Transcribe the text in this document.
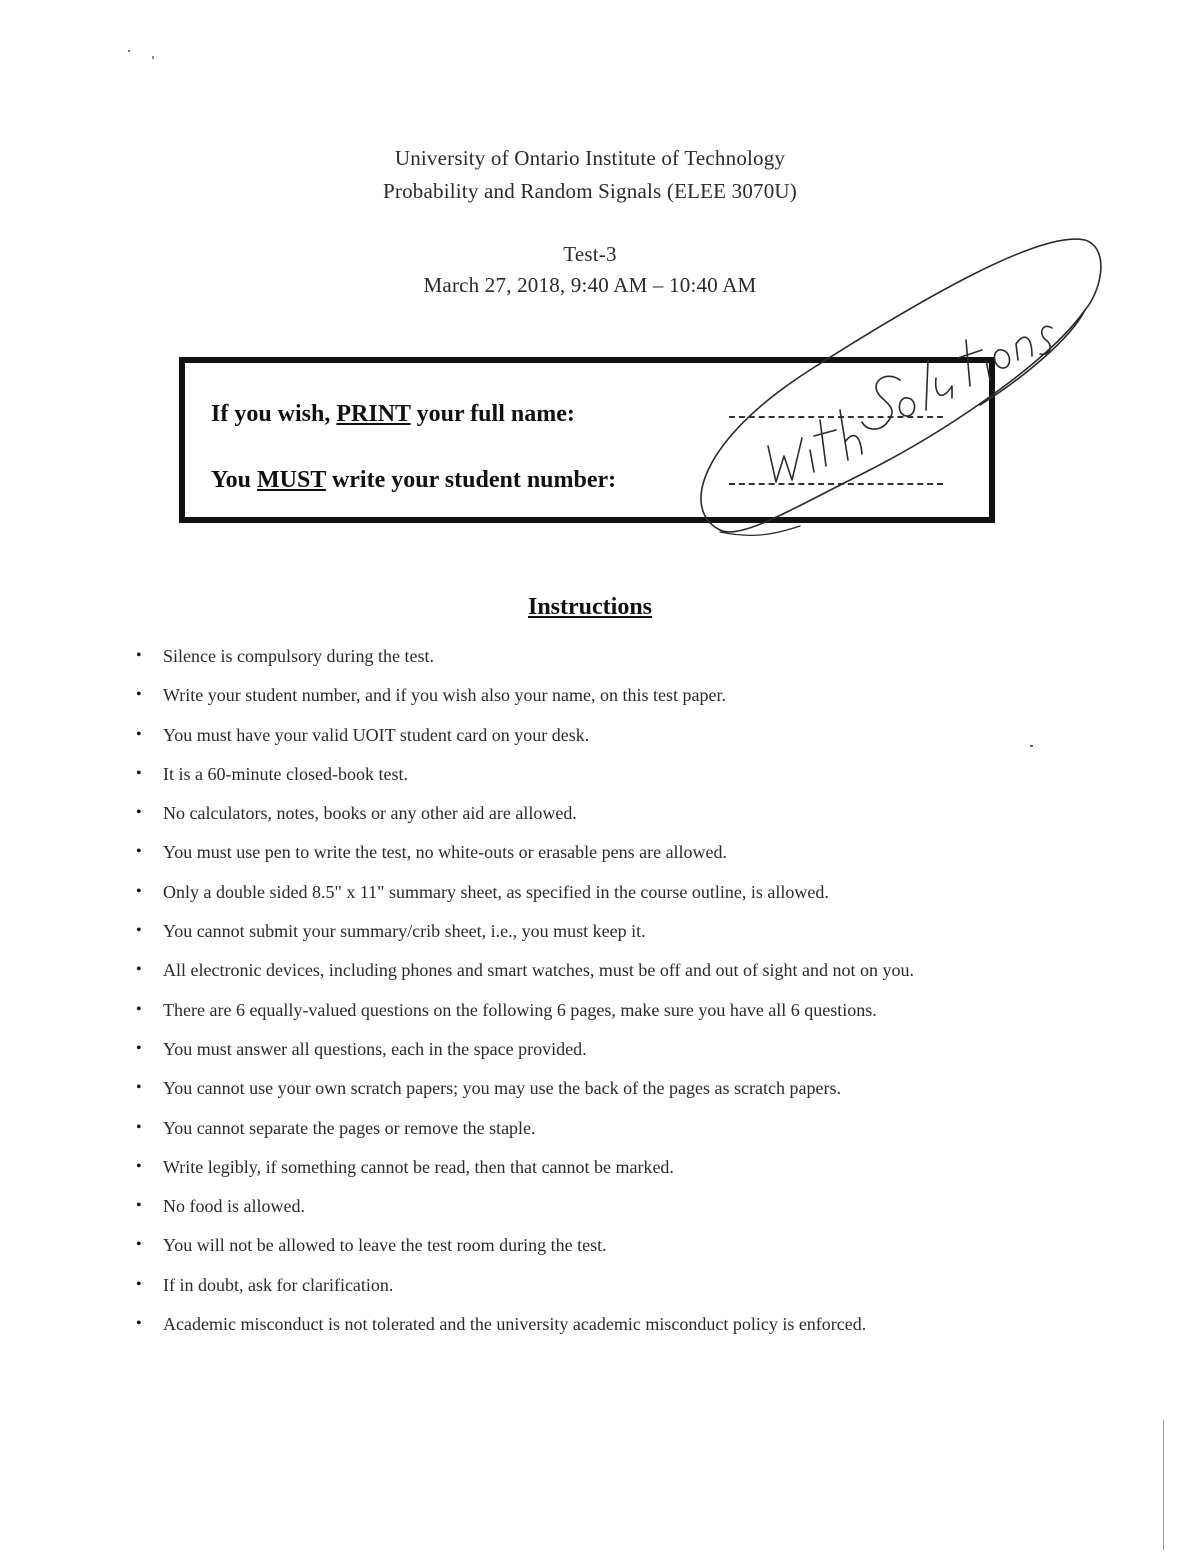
University of Ontario Institute of Technology
Probability and Random Signals (ELEE 3070U)
Test-3
March 27, 2018, 9:40 AM – 10:40 AM
If you wish, PRINT your full name:
You MUST write your student number:
Instructions
• Silence is compulsory during the test.
• Write your student number, and if you wish also your name, on this test paper.
• You must have your valid UOIT student card on your desk.
• It is a 60-minute closed-book test.
• No calculators, notes, books or any other aid are allowed.
• You must use pen to write the test, no white-outs or erasable pens are allowed.
• Only a double sided 8.5" x 11" summary sheet, as specified in the course outline, is allowed.
• You cannot submit your summary/crib sheet, i.e., you must keep it.
• All electronic devices, including phones and smart watches, must be off and out of sight and not on you.
• There are 6 equally-valued questions on the following 6 pages, make sure you have all 6 questions.
• You must answer all questions, each in the space provided.
• You cannot use your own scratch papers; you may use the back of the pages as scratch papers.
• You cannot separate the pages or remove the staple.
• Write legibly, if something cannot be read, then that cannot be marked.
• No food is allowed.
• You will not be allowed to leave the test room during the test.
• If in doubt, ask for clarification.
• Academic misconduct is not tolerated and the university academic misconduct policy is enforced.
